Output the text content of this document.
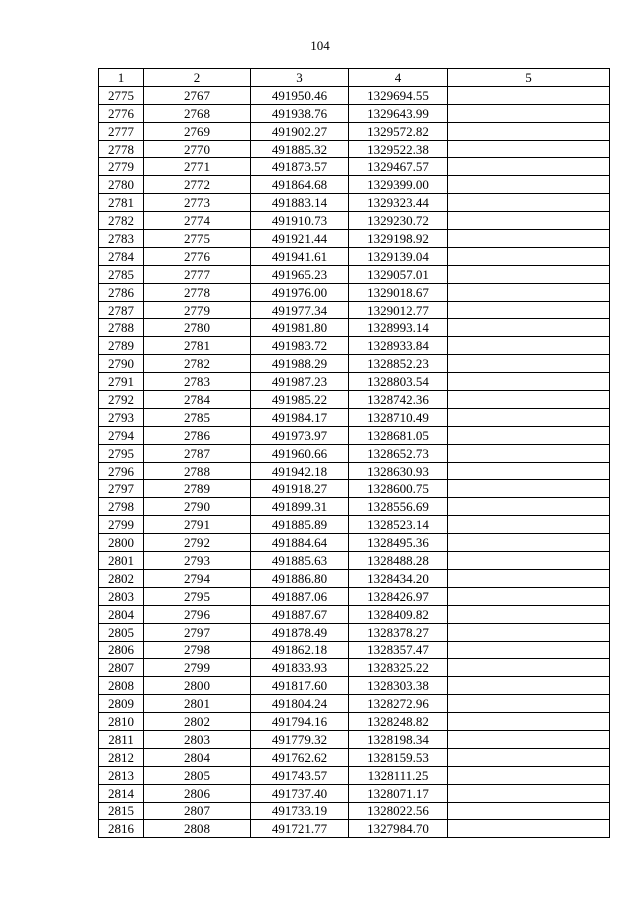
104
1	2	3	4	5
2775	2767	491950.46	1329694.55	
2776	2768	491938.76	1329643.99	
2777	2769	491902.27	1329572.82	
2778	2770	491885.32	1329522.38	
2779	2771	491873.57	1329467.57	
2780	2772	491864.68	1329399.00	
2781	2773	491883.14	1329323.44	
2782	2774	491910.73	1329230.72	
2783	2775	491921.44	1329198.92	
2784	2776	491941.61	1329139.04	
2785	2777	491965.23	1329057.01	
2786	2778	491976.00	1329018.67	
2787	2779	491977.34	1329012.77	
2788	2780	491981.80	1328993.14	
2789	2781	491983.72	1328933.84	
2790	2782	491988.29	1328852.23	
2791	2783	491987.23	1328803.54	
2792	2784	491985.22	1328742.36	
2793	2785	491984.17	1328710.49	
2794	2786	491973.97	1328681.05	
2795	2787	491960.66	1328652.73	
2796	2788	491942.18	1328630.93	
2797	2789	491918.27	1328600.75	
2798	2790	491899.31	1328556.69	
2799	2791	491885.89	1328523.14	
2800	2792	491884.64	1328495.36	
2801	2793	491885.63	1328488.28	
2802	2794	491886.80	1328434.20	
2803	2795	491887.06	1328426.97	
2804	2796	491887.67	1328409.82	
2805	2797	491878.49	1328378.27	
2806	2798	491862.18	1328357.47	
2807	2799	491833.93	1328325.22	
2808	2800	491817.60	1328303.38	
2809	2801	491804.24	1328272.96	
2810	2802	491794.16	1328248.82	
2811	2803	491779.32	1328198.34	
2812	2804	491762.62	1328159.53	
2813	2805	491743.57	1328111.25	
2814	2806	491737.40	1328071.17	
2815	2807	491733.19	1328022.56	
2816	2808	491721.77	1327984.70	
